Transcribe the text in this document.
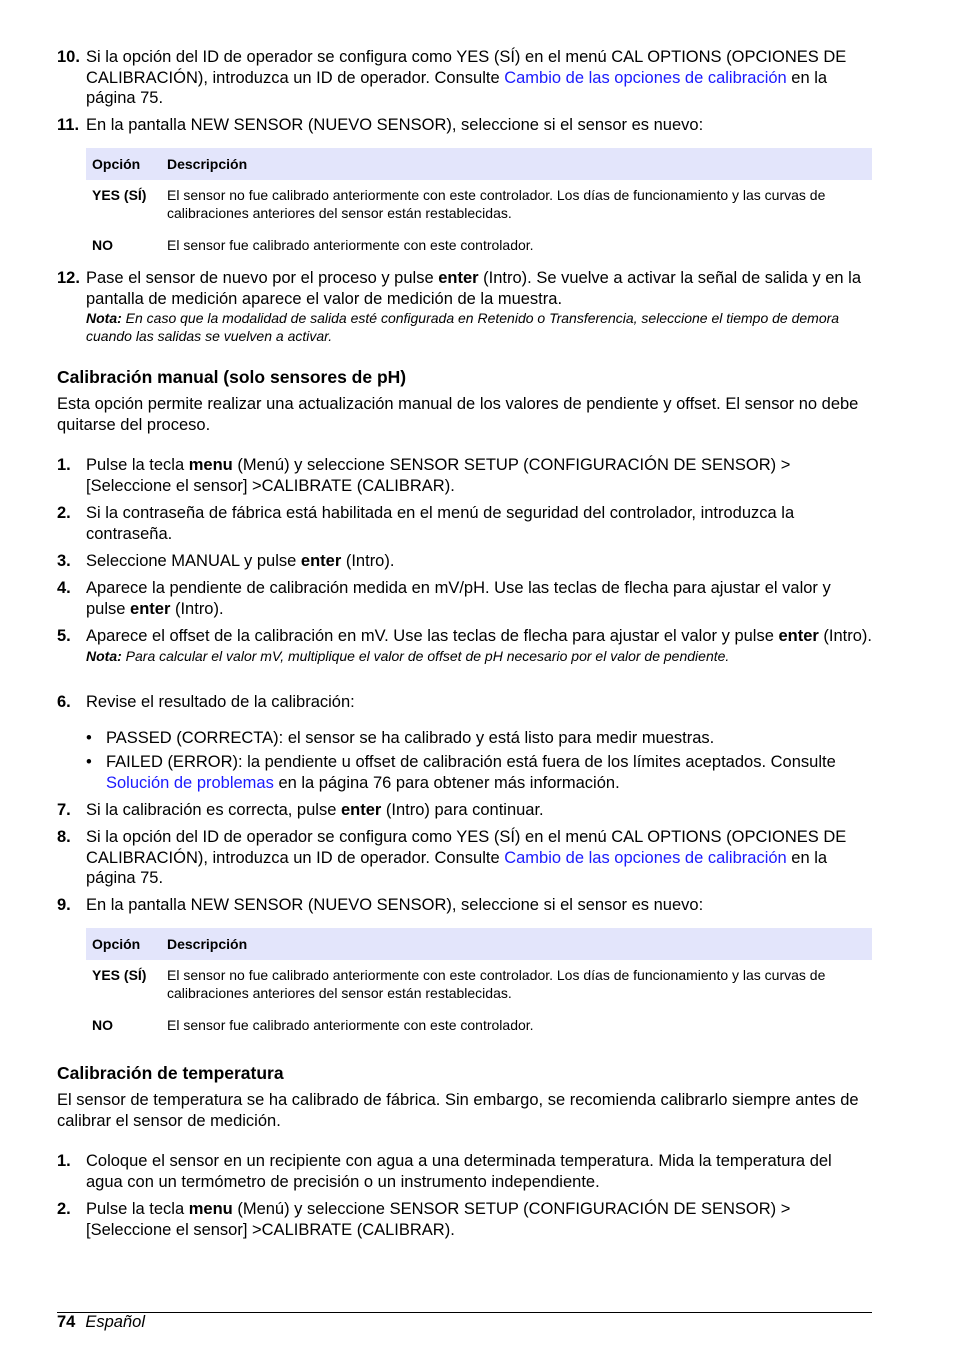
10. Si la opción del ID de operador se configura como YES (SÍ) en el menú CAL OPTIONS (OPCIONES DE CALIBRACIÓN), introduzca un ID de operador. Consulte Cambio de las opciones de calibración en la página 75.
11. En la pantalla NEW SENSOR (NUEVO SENSOR), seleccione si el sensor es nuevo:
Opción	Descripción
YES (SÍ)	El sensor no fue calibrado anteriormente con este controlador. Los días de funcionamiento y las curvas de calibraciones anteriores del sensor están restablecidas.
NO	El sensor fue calibrado anteriormente con este controlador.
12. Pase el sensor de nuevo por el proceso y pulse enter (Intro). Se vuelve a activar la señal de salida y en la pantalla de medición aparece el valor de medición de la muestra.
Nota: En caso que la modalidad de salida esté configurada en Retenido o Transferencia, seleccione el tiempo de demora cuando las salidas se vuelven a activar.
Calibración manual (solo sensores de pH)

Esta opción permite realizar una actualización manual de los valores de pendiente y offset. El sensor no debe quitarse del proceso.

1. Pulse la tecla menu (Menú) y seleccione SENSOR SETUP (CONFIGURACIÓN DE SENSOR) > [Seleccione el sensor] >CALIBRATE (CALIBRAR).
2. Si la contraseña de fábrica está habilitada en el menú de seguridad del controlador, introduzca la contraseña.
3. Seleccione MANUAL y pulse enter (Intro).
4. Aparece la pendiente de calibración medida en mV/pH. Use las teclas de flecha para ajustar el valor y pulse enter (Intro).
5. Aparece el offset de la calibración en mV. Use las teclas de flecha para ajustar el valor y pulse enter (Intro).
Nota: Para calcular el valor mV, multiplique el valor de offset de pH necesario por el valor de pendiente.
6. Revise el resultado de la calibración:
• PASSED (CORRECTA): el sensor se ha calibrado y está listo para medir muestras.
• FAILED (ERROR): la pendiente u offset de calibración está fuera de los límites aceptados. Consulte Solución de problemas en la página 76 para obtener más información.
7. Si la calibración es correcta, pulse enter (Intro) para continuar.
8. Si la opción del ID de operador se configura como YES (SÍ) en el menú CAL OPTIONS (OPCIONES DE CALIBRACIÓN), introduzca un ID de operador. Consulte Cambio de las opciones de calibración en la página 75.
9. En la pantalla NEW SENSOR (NUEVO SENSOR), seleccione si el sensor es nuevo:
Opción	Descripción
YES (SÍ)	El sensor no fue calibrado anteriormente con este controlador. Los días de funcionamiento y las curvas de calibraciones anteriores del sensor están restablecidas.
NO	El sensor fue calibrado anteriormente con este controlador.
Calibración de temperatura

El sensor de temperatura se ha calibrado de fábrica. Sin embargo, se recomienda calibrarlo siempre antes de calibrar el sensor de medición.

1. Coloque el sensor en un recipiente con agua a una determinada temperatura. Mida la temperatura del agua con un termómetro de precisión o un instrumento independiente.
2. Pulse la tecla menu (Menú) y seleccione SENSOR SETUP (CONFIGURACIÓN DE SENSOR) > [Seleccione el sensor] >CALIBRATE (CALIBRAR).
74 Español
